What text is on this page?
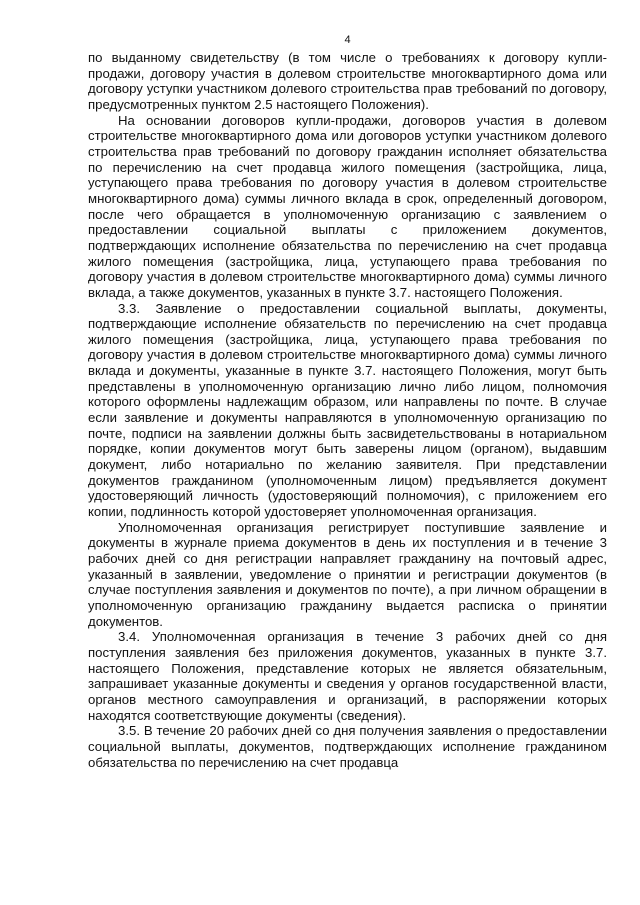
4

по выданному свидетельству (в том числе о требованиях к договору купли-продажи, договору участия в долевом строительстве многоквартирного дома или договору уступки участником долевого строительства прав требований по договору, предусмотренных пунктом 2.5 настоящего Положения).

На основании договоров купли-продажи, договоров участия в долевом строительстве многоквартирного дома или договоров уступки участником долевого строительства прав требований по договору гражданин исполняет обязательства по перечислению на счет продавца жилого помещения (застройщика, лица, уступающего права требования по договору участия в долевом строительстве многоквартирного дома) суммы личного вклада в срок, определенный договором, после чего обращается в уполномоченную организацию с заявлением о предоставлении социальной выплаты с приложением документов, подтверждающих исполнение обязательства по перечислению на счет продавца жилого помещения (застройщика, лица, уступающего права требования по договору участия в долевом строительстве многоквартирного дома) суммы личного вклада, а также документов, указанных в пункте 3.7. настоящего Положения.

3.3. Заявление о предоставлении социальной выплаты, документы, подтверждающие исполнение обязательств по перечислению на счет продавца жилого помещения (застройщика, лица, уступающего права требования по договору участия в долевом строительстве многоквартирного дома) суммы личного вклада и документы, указанные в пункте 3.7. настоящего Положения, могут быть представлены в уполномоченную организацию лично либо лицом, полномочия которого оформлены надлежащим образом, или направлены по почте. В случае если заявление и документы направляются в уполномоченную организацию по почте, подписи на заявлении должны быть засвидетельствованы в нотариальном порядке, копии документов могут быть заверены лицом (органом), выдавшим документ, либо нотариально по желанию заявителя. При представлении документов гражданином (уполномоченным лицом) предъявляется документ удостоверяющий личность (удостоверяющий полномочия), с приложением его копии, подлинность которой удостоверяет уполномоченная организация.

Уполномоченная организация регистрирует поступившие заявление и документы в журнале приема документов в день их поступления и в течение 3 рабочих дней со дня регистрации направляет гражданину на почтовый адрес, указанный в заявлении, уведомление о принятии и регистрации документов (в случае поступления заявления и документов по почте), а при личном обращении в уполномоченную организацию гражданину выдается расписка о принятии документов.

3.4. Уполномоченная организация в течение 3 рабочих дней со дня поступления заявления без приложения документов, указанных в пункте 3.7. настоящего Положения, представление которых не является обязательным, запрашивает указанные документы и сведения у органов государственной власти, органов местного самоуправления и организаций, в распоряжении которых находятся соответствующие документы (сведения).

3.5. В течение 20 рабочих дней со дня получения заявления о предоставлении социальной выплаты, документов, подтверждающих исполнение гражданином обязательства по перечислению на счет продавца
